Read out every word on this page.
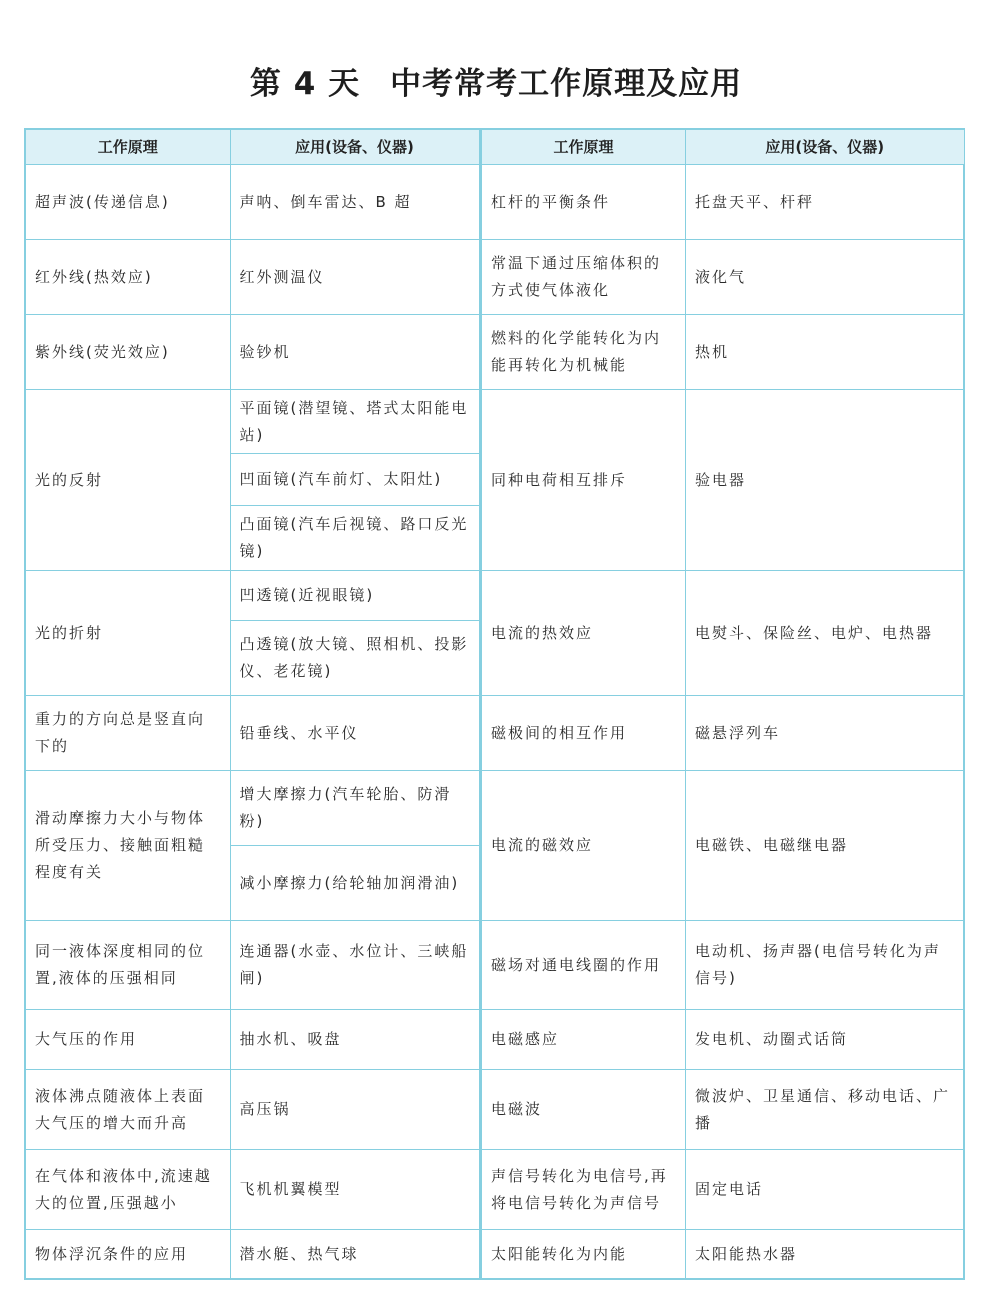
第 4 天 中考常考工作原理及应用
工作原理	应用(设备、仪器)
超声波(传递信息)	声呐、倒车雷达、B 超
红外线(热效应)	红外测温仪
紫外线(荧光效应)	验钞机
光的反射	平面镜(潜望镜、塔式太阳能电站)
	凹面镜(汽车前灯、太阳灶)
	凸面镜(汽车后视镜、路口反光镜)
光的折射	凹透镜(近视眼镜)
	凸透镜(放大镜、照相机、投影仪、老花镜)
重力的方向总是竖直向下的	铅垂线、水平仪
滑动摩擦力大小与物体所受压力、接触面粗糙程度有关	增大摩擦力(汽车轮胎、防滑粉)
	减小摩擦力(给轮轴加润滑油)
同一液体深度相同的位置,液体的压强相同	连通器(水壶、水位计、三峡船闸)
大气压的作用	抽水机、吸盘
液体沸点随液体上表面大气压的增大而升高	高压锅
在气体和液体中,流速越大的位置,压强越小	飞机机翼模型
物体浮沉条件的应用	潜水艇、热气球
工作原理	应用(设备、仪器)
杠杆的平衡条件	托盘天平、杆秤
常温下通过压缩体积的方式使气体液化	液化气
燃料的化学能转化为内能再转化为机械能	热机
同种电荷相互排斥	验电器
电流的热效应	电熨斗、保险丝、电炉、电热器
磁极间的相互作用	磁悬浮列车
电流的磁效应	电磁铁、电磁继电器
磁场对通电线圈的作用	电动机、扬声器(电信号转化为声信号)
电磁感应	发电机、动圈式话筒
电磁波	微波炉、卫星通信、移动电话、广播
声信号转化为电信号,再将电信号转化为声信号	固定电话
太阳能转化为内能	太阳能热水器
